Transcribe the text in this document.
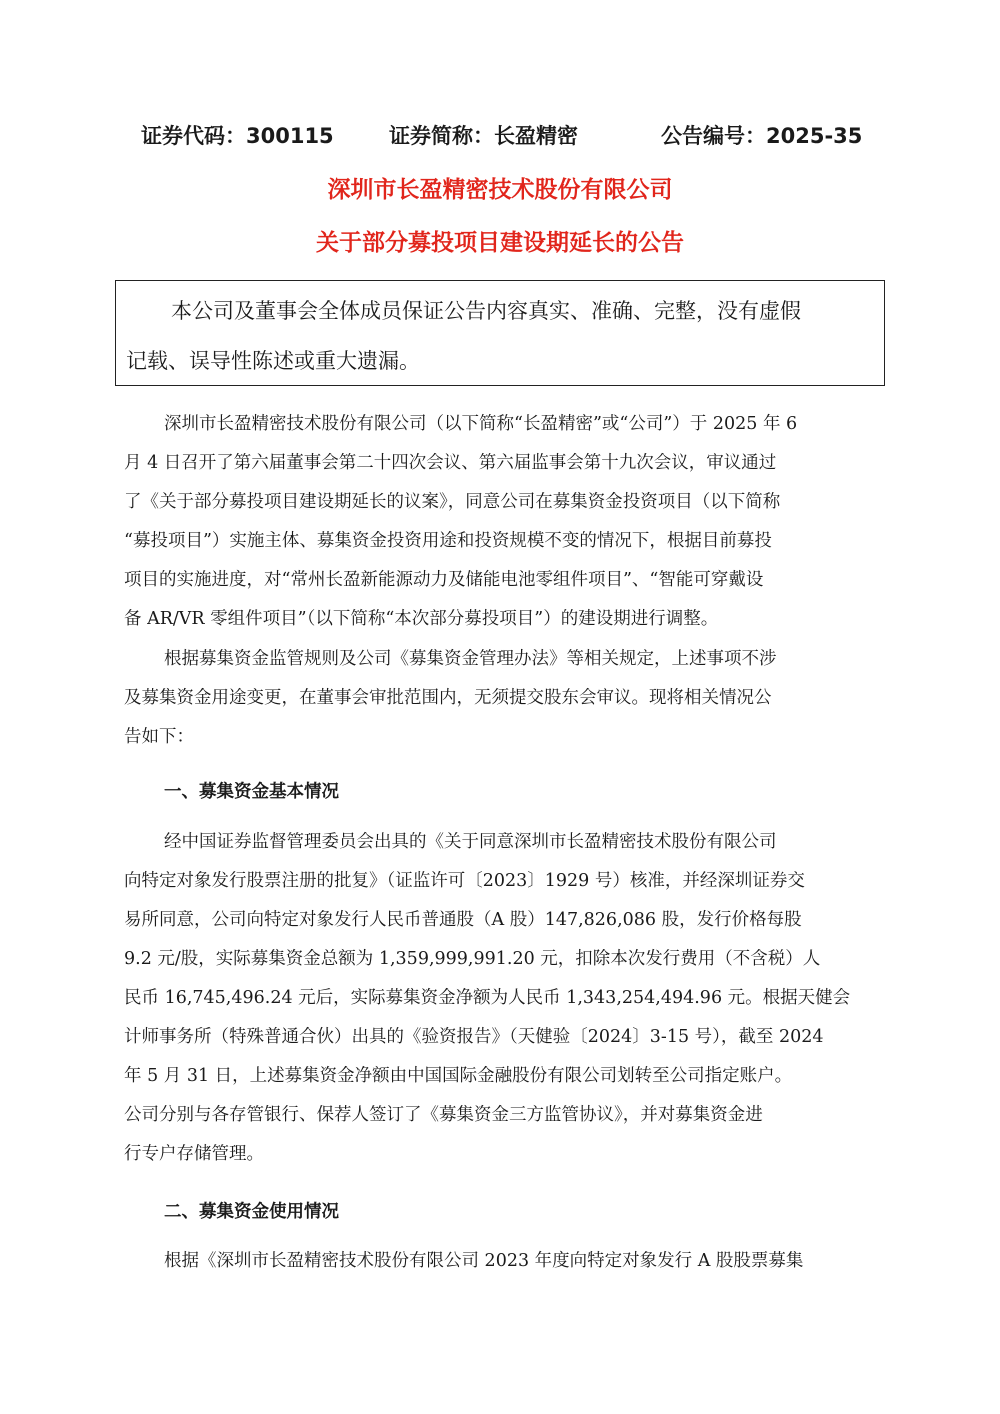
证券代码：300115	证券简称：长盈精密	公告编号：2025-35
深圳市长盈精密技术股份有限公司
关于部分募投项目建设期延长的公告
本公司及董事会全体成员保证公告内容真实、准确、完整，没有虚假
记载、误导性陈述或重大遗漏。
深圳市长盈精密技术股份有限公司（以下简称“长盈精密”或“公司”）于 2025 年 6
月 4 日召开了第六届董事会第二十四次会议、第六届监事会第十九次会议，审议通过
了《关于部分募投项目建设期延长的议案》，同意公司在募集资金投资项目（以下简称
“募投项目”）实施主体、募集资金投资用途和投资规模不变的情况下，根据目前募投
项目的实施进度，对“常州长盈新能源动力及储能电池零组件项目”、“智能可穿戴设
备 AR/VR 零组件项目”（以下简称“本次部分募投项目”）的建设期进行调整。
根据募集资金监管规则及公司《募集资金管理办法》等相关规定，上述事项不涉
及募集资金用途变更，在董事会审批范围内，无须提交股东会审议。现将相关情况公
告如下：
一、募集资金基本情况
经中国证券监督管理委员会出具的《关于同意深圳市长盈精密技术股份有限公司
向特定对象发行股票注册的批复》（证监许可〔2023〕1929 号）核准，并经深圳证券交
易所同意，公司向特定对象发行人民币普通股（A 股）147,826,086 股，发行价格每股
9.2 元/股，实际募集资金总额为 1,359,999,991.20 元，扣除本次发行费用（不含税）人
民币 16,745,496.24 元后，实际募集资金净额为人民币 1,343,254,494.96 元。根据天健会
计师事务所（特殊普通合伙）出具的《验资报告》（天健验〔2024〕3-15 号），截至 2024
年 5 月 31 日，上述募集资金净额由中国国际金融股份有限公司划转至公司指定账户。
公司分别与各存管银行、保荐人签订了《募集资金三方监管协议》，并对募集资金进
行专户存储管理。
二、募集资金使用情况
根据《深圳市长盈精密技术股份有限公司 2023 年度向特定对象发行 A 股股票募集
